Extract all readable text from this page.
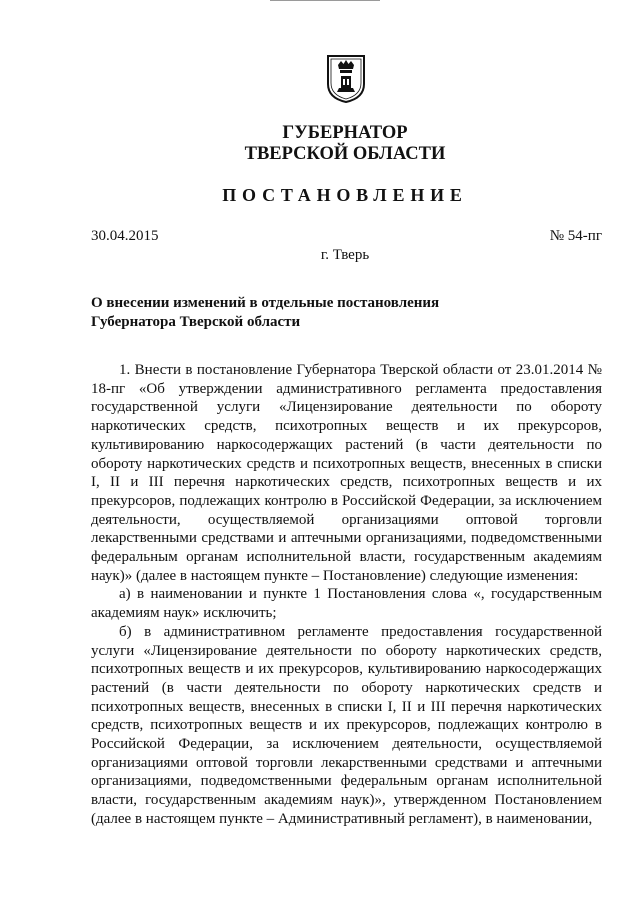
ГУБЕРНАТОР
ТВЕРСКОЙ ОБЛАСТИ
ПОСТАНОВЛЕНИЕ
30.04.2015	№ 54-пг
г. Тверь
О внесении изменений в отдельные постановления
Губернатора Тверской области

1. Внести в постановление Губернатора Тверской области от 23.01.2014 № 18-пг «Об утверждении административного регламента предоставления государственной услуги «Лицензирование деятельности по обороту наркотических средств, психотропных веществ и их прекурсоров, культивированию наркосодержащих растений (в части деятельности по обороту наркотических средств и психотропных веществ, внесенных в списки I, II и III перечня наркотических средств, психотропных веществ и их прекурсоров, подлежащих контролю в Российской Федерации, за исключением деятельности, осуществляемой организациями оптовой торговли лекарственными средствами и аптечными организациями, подведомственными федеральным органам исполнительной власти, государственным академиям наук)» (далее в настоящем пункте – Постановление) следующие изменения:

а) в наименовании и пункте 1 Постановления слова «, государственным академиям наук» исключить;

б) в административном регламенте предоставления государственной услуги «Лицензирование деятельности по обороту наркотических средств, психотропных веществ и их прекурсоров, культивированию наркосодержащих растений (в части деятельности по обороту наркотических средств и психотропных веществ, внесенных в списки I, II и III перечня наркотических средств, психотропных веществ и их прекурсоров, подлежащих контролю в Российской Федерации, за исключением деятельности, осуществляемой организациями оптовой торговли лекарственными средствами и аптечными организациями, подведомственными федеральным органам исполнительной власти, государственным академиям наук)», утвержденном Постановлением (далее в настоящем пункте – Административный регламент), в наименовании,
